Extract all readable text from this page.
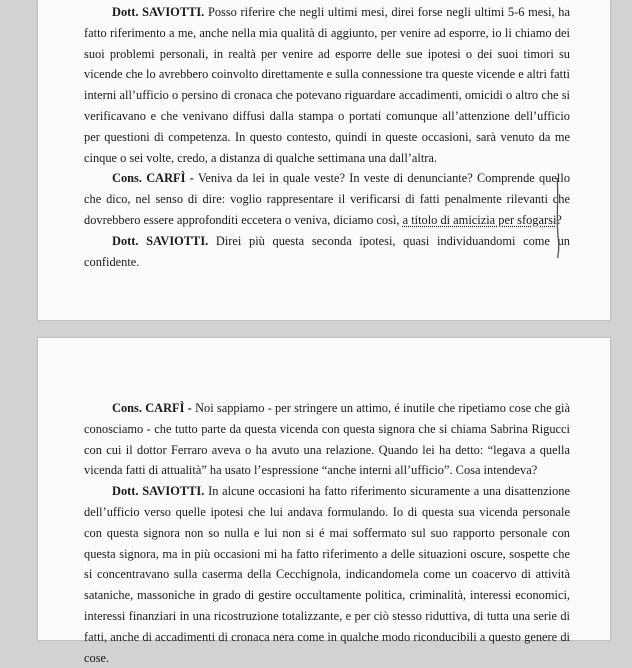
Dott. SAVIOTTI. Posso riferire che negli ultimi mesi, direi forse negli ultimi 5-6 mesi, ha fatto riferimento a me, anche nella mia qualità di aggiunto, per venire ad esporre, io li chiamo dei suoi problemi personali, in realtà per venire ad esporre delle sue ipotesi o dei suoi timori su vicende che lo avrebbero coinvolto direttamente e sulla connessione tra queste vicende e altri fatti interni all’ufficio o persino di cronaca che potevano riguardare accadimenti, omicidi o altro che si verificavano e che venivano diffusi dalla stampa o portati comunque all’attenzione dell’ufficio per questioni di competenza. In questo contesto, quindi in queste occasioni, sarà venuto da me cinque o sei volte, credo, a distanza di qualche settimana una dall’altra.

Cons. CARFÌ - Veniva da lei in quale veste? In veste di denunciante? Comprende quello che dico, nel senso di dire: voglio rappresentare il verificarsi di fatti penalmente rilevanti che dovrebbero essere approfonditi eccetera o veniva, diciamo così, a titolo di amicizia per sfogarsi?

Dott. SAVIOTTI. Direi più questa seconda ipotesi, quasi individuandomi come un confidente.

Cons. CARFÌ - Noi sappiamo - per stringere un attimo, é inutile che ripetiamo cose che già conosciamo - che tutto parte da questa vicenda con questa signora che si chiama Sabrina Rigucci con cui il dottor Ferraro aveva o ha avuto una relazione. Quando lei ha detto: “legava a quella vicenda fatti di attualità” ha usato l’espressione “anche interni all’ufficio”. Cosa intendeva?

Dott. SAVIOTTI. In alcune occasioni ha fatto riferimento sicuramente a una disattenzione dell’ufficio verso quelle ipotesi che lui andava formulando. Io di questa sua vicenda personale con questa signora non so nulla e lui non si é mai soffermato sul suo rapporto personale con questa signora, ma in più occasioni mi ha fatto riferimento a delle situazioni oscure, sospette che si concentravano sulla caserma della Cecchignola, indicandomela come un coacervo di attività sataniche, massoniche in grado di gestire occultamente politica, criminalità, interessi economici, interessi finanziari in una ricostruzione totalizzante, e per ciò stesso riduttiva, di tutta una serie di fatti, anche di accadimenti di cronaca nera come in qualche modo riconducibili a questo genere di cose.
